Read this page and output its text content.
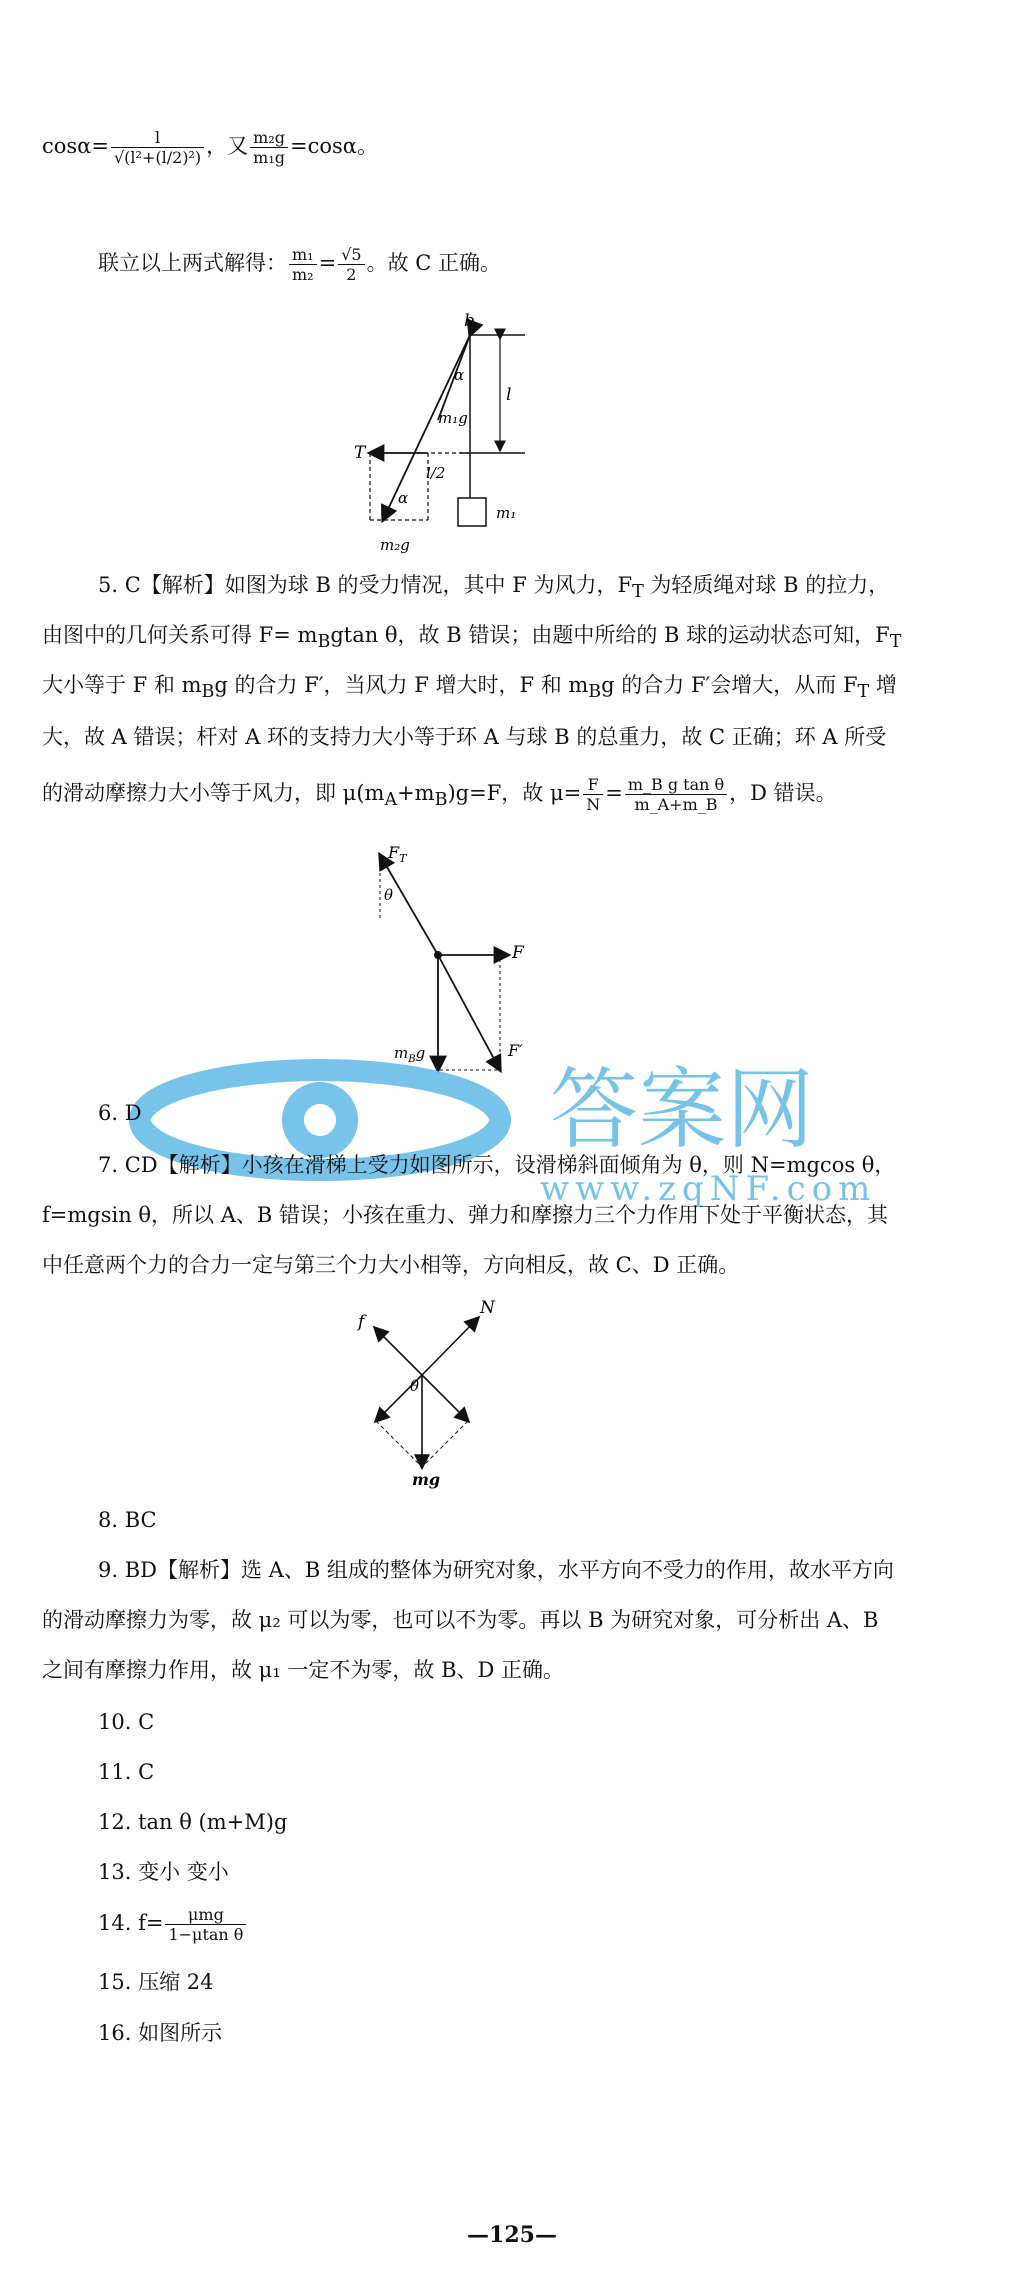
$\cos\alpha= \frac{l}{\text{√(l²+(l/2)²)}}$ ，又 $\frac{\text{m₂g}}{\text{m₁g}} =\cos\alpha$。
联立以上两式解得： $\frac{\text{m₁}}{\text{m₂}} = \frac{√5}{2}$ 。故 C 正确。
b
α
m₁g
l
T
l/2
α
m₁
m₂g
5. C【解析】如图为球 B 的受力情况，其中 F 为风力，$F_T$ 为轻质绳对球 B 的拉力，
由图中的几何关系可得 $F= m_Bgtan$ θ，故 B 错误；由题中所给的 B 球的运动状态可知，$F_T$
大小等于 F 和 $m_Bg$ 的合力 F′，当风力 F 增大时，F 和 $m_Bg$ 的合力 F′会增大，从而 $F_T$ 增
大，故 A 错误；杆对 A 环的支持力大小等于环 A 与球 B 的总重力，故 C 正确；环 A 所受
的滑动摩擦力大小等于风力，即 $\mu(m_A+m_B)g=F$，故 $\mu= \frac{F}{N} = \frac{\text{m\_B g tan θ}}{m\_A+m\_B}$ ，D 错误。
$F_T$
θ
F
$m_Bg$	F′
答案网
www.zqNF.com
6. D
7. CD【解析】小孩在滑梯上受力如图所示，设滑梯斜面倾角为 θ，则 N=mgcos θ，
f=mgsin θ，所以 A、B 错误；小孩在重力、弹力和摩擦力三个力作用下处于平衡状态，其
中任意两个力的合力一定与第三个力大小相等，方向相反，故 C、D 正确。
f
N
θ
mg
8. BC
9. BD【解析】选 A、B 组成的整体为研究对象，水平方向不受力的作用，故水平方向
的滑动摩擦力为零，故 μ₂ 可以为零，也可以不为零。再以 B 为研究对象，可分析出 A、B
之间有摩擦力作用，故 μ₁ 一定不为零，故 B、D 正确。
10. C
11. C
12. tan θ (m+M)g
13. 变小 变小
14. $f= \frac{\text{μmg}}{\text{1−μtan θ}}$
15. 压缩 24
16. 如图所示
—125—
